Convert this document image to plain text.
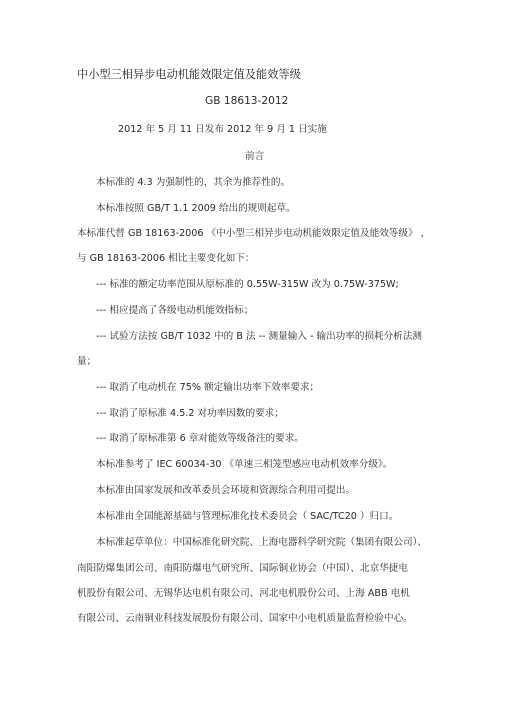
中小型三相异步电动机能效限定值及能效等级
GB 18613-2012
2012 年 5 月 11 日发布 2012 年 9 月 1 日实施
前言
本标准的 4.3 为强制性的，其余为推荐性的。
本标准按照 GB/T 1.1 2009 给出的规则起草。
本标准代替 GB 18163-2006 《中小型三相异步电动机能效限定值及能效等级》 ，
与 GB 18163-2006 相比主要变化如下：
--- 标准的额定功率范围从原标准的 0.55W-315W 改为 0.75W-375W;
--- 相应提高了各级电动机能效指标；
--- 试验方法按 GB/T 1032 中的 B 法 -- 测量输入 - 输出功率的损耗分析法测
量；
--- 取消了电动机在 75% 额定输出功率下效率要求；
--- 取消了原标准 4.5.2 对功率因数的要求；
--- 取消了原标准第 6 章对能效等级备注的要求。
本标准参考了 IEC 60034-30 《单速三相笼型感应电动机效率分级》。
本标准由国家发展和改革委员会环境和资源综合利用司提出。
本标准由全国能源基础与管理标准化技术委员会（ SAC/TC20 ）归口。
本标准起草单位：中国标准化研究院、上海电器科学研究院（集团有限公司）、
南阳防爆集团公司、南阳防爆电气研究所、国际铜业协会（中国）、北京华捷电
机股份有限公司、无锡华达电机有限公司、河北电机股份公司、上海 ABB 电机
有限公司、云南铜业科技发展股份有限公司、国家中小电机质量监督检验中心。
